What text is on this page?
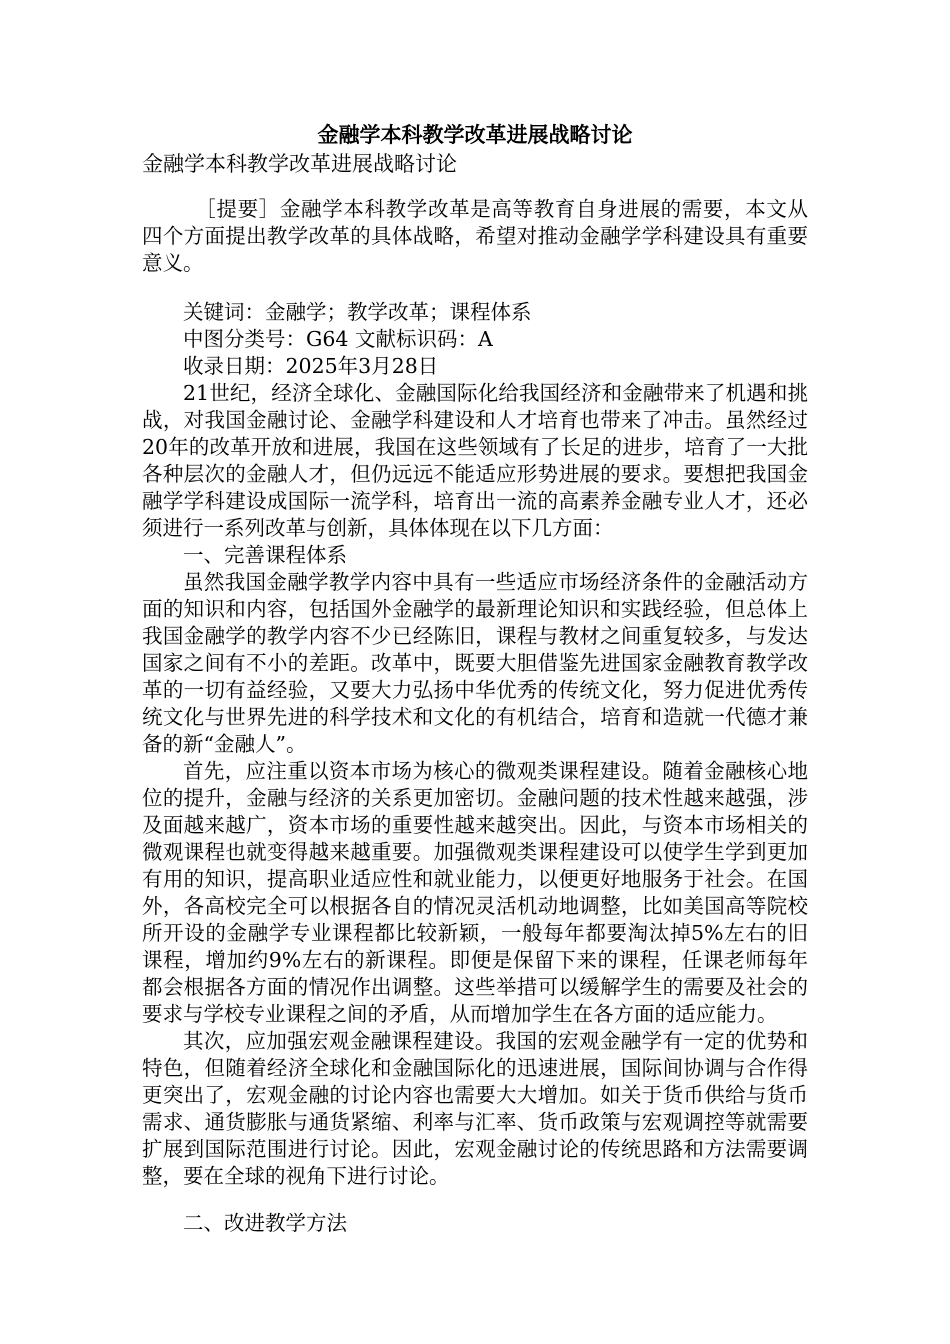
金融学本科教学改革进展战略讨论

金融学本科教学改革进展战略讨论

［提要］金融学本科教学改革是高等教育自身进展的需要，本文从四个方面提出教学改革的具体战略，希望对推动金融学学科建设具有重要意义。

关键词：金融学；教学改革；课程体系

中图分类号：G64 文献标识码：A

收录日期：2025年3月28日

21世纪，经济全球化、金融国际化给我国经济和金融带来了机遇和挑战，对我国金融讨论、金融学科建设和人才培育也带来了冲击。虽然经过20年的改革开放和进展，我国在这些领域有了长足的进步，培育了一大批各种层次的金融人才，但仍远远不能适应形势进展的要求。要想把我国金融学学科建设成国际一流学科，培育出一流的高素养金融专业人才，还必须进行一系列改革与创新，具体体现在以下几方面：

一、完善课程体系

虽然我国金融学教学内容中具有一些适应市场经济条件的金融活动方面的知识和内容，包括国外金融学的最新理论知识和实践经验，但总体上我国金融学的教学内容不少已经陈旧，课程与教材之间重复较多，与发达国家之间有不小的差距。改革中，既要大胆借鉴先进国家金融教育教学改革的一切有益经验，又要大力弘扬中华优秀的传统文化，努力促进优秀传统文化与世界先进的科学技术和文化的有机结合，培育和造就一代德才兼备的新“金融人”。

首先，应注重以资本市场为核心的微观类课程建设。随着金融核心地位的提升，金融与经济的关系更加密切。金融问题的技术性越来越强，涉及面越来越广，资本市场的重要性越来越突出。因此，与资本市场相关的微观课程也就变得越来越重要。加强微观类课程建设可以使学生学到更加有用的知识，提高职业适应性和就业能力，以便更好地服务于社会。在国外，各高校完全可以根据各自的情况灵活机动地调整，比如美国高等院校所开设的金融学专业课程都比较新颖，一般每年都要淘汰掉5%左右的旧课程，增加约9%左右的新课程。即便是保留下来的课程，任课老师每年都会根据各方面的情况作出调整。这些举措可以缓解学生的需要及社会的要求与学校专业课程之间的矛盾，从而增加学生在各方面的适应能力。

其次，应加强宏观金融课程建设。我国的宏观金融学有一定的优势和特色，但随着经济全球化和金融国际化的迅速进展，国际间协调与合作得更突出了，宏观金融的讨论内容也需要大大增加。如关于货币供给与货币需求、通货膨胀与通货紧缩、利率与汇率、货币政策与宏观调控等就需要扩展到国际范围进行讨论。因此，宏观金融讨论的传统思路和方法需要调整，要在全球的视角下进行讨论。

二、改进教学方法
